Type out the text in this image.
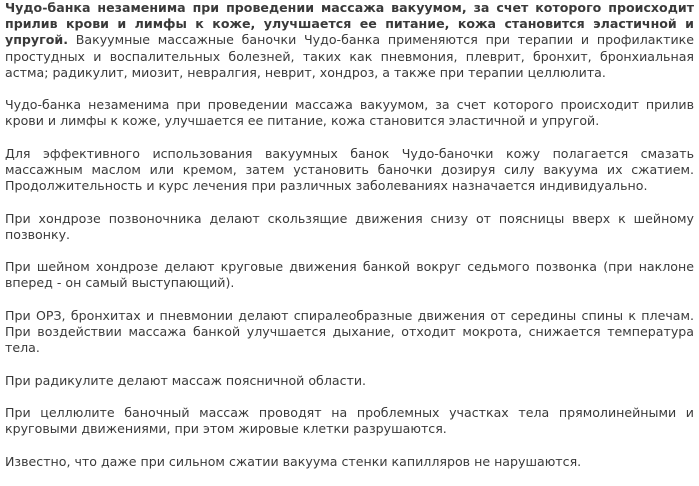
Чудо-банка незаменима при проведении массажа вакуумом, за счет которого происходит прилив крови и лимфы к коже, улучшается ее питание, кожа становится эластичной и упругой. Вакуумные массажные баночки Чудо-банка применяются при терапии и профилактике простудных и воспалительных болезней, таких как пневмония, плеврит, бронхит, бронхиальная астма; радикулит, миозит, невралгия, неврит, хондроз, а также при терапии целлюлита.

Чудо-банка незаменима при проведении массажа вакуумом, за счет которого происходит прилив крови и лимфы к коже, улучшается ее питание, кожа становится эластичной и упругой.

Для эффективного использования вакуумных банок Чудо-баночки кожу полагается смазать массажным маслом или кремом, затем установить баночки дозируя силу вакуума их сжатием. Продолжительность и курс лечения при различных заболеваниях назначается индивидуально.

При хондрозе позвоночника делают скользящие движения снизу от поясницы вверх к шейному позвонку.

При шейном хондрозе делают круговые движения банкой вокруг седьмого позвонка (при наклоне вперед - он самый выступающий).

При ОРЗ, бронхитах и пневмонии делают спиралеобразные движения от середины спины к плечам. При воздействии массажа банкой улучшается дыхание, отходит мокрота, снижается температура тела.

При радикулите делают массаж поясничной области.

При целлюлите баночный массаж проводят на проблемных участках тела прямолинейными и круговыми движениями, при этом жировые клетки разрушаются.

Известно, что даже при сильном сжатии вакуума стенки капилляров не нарушаются.
